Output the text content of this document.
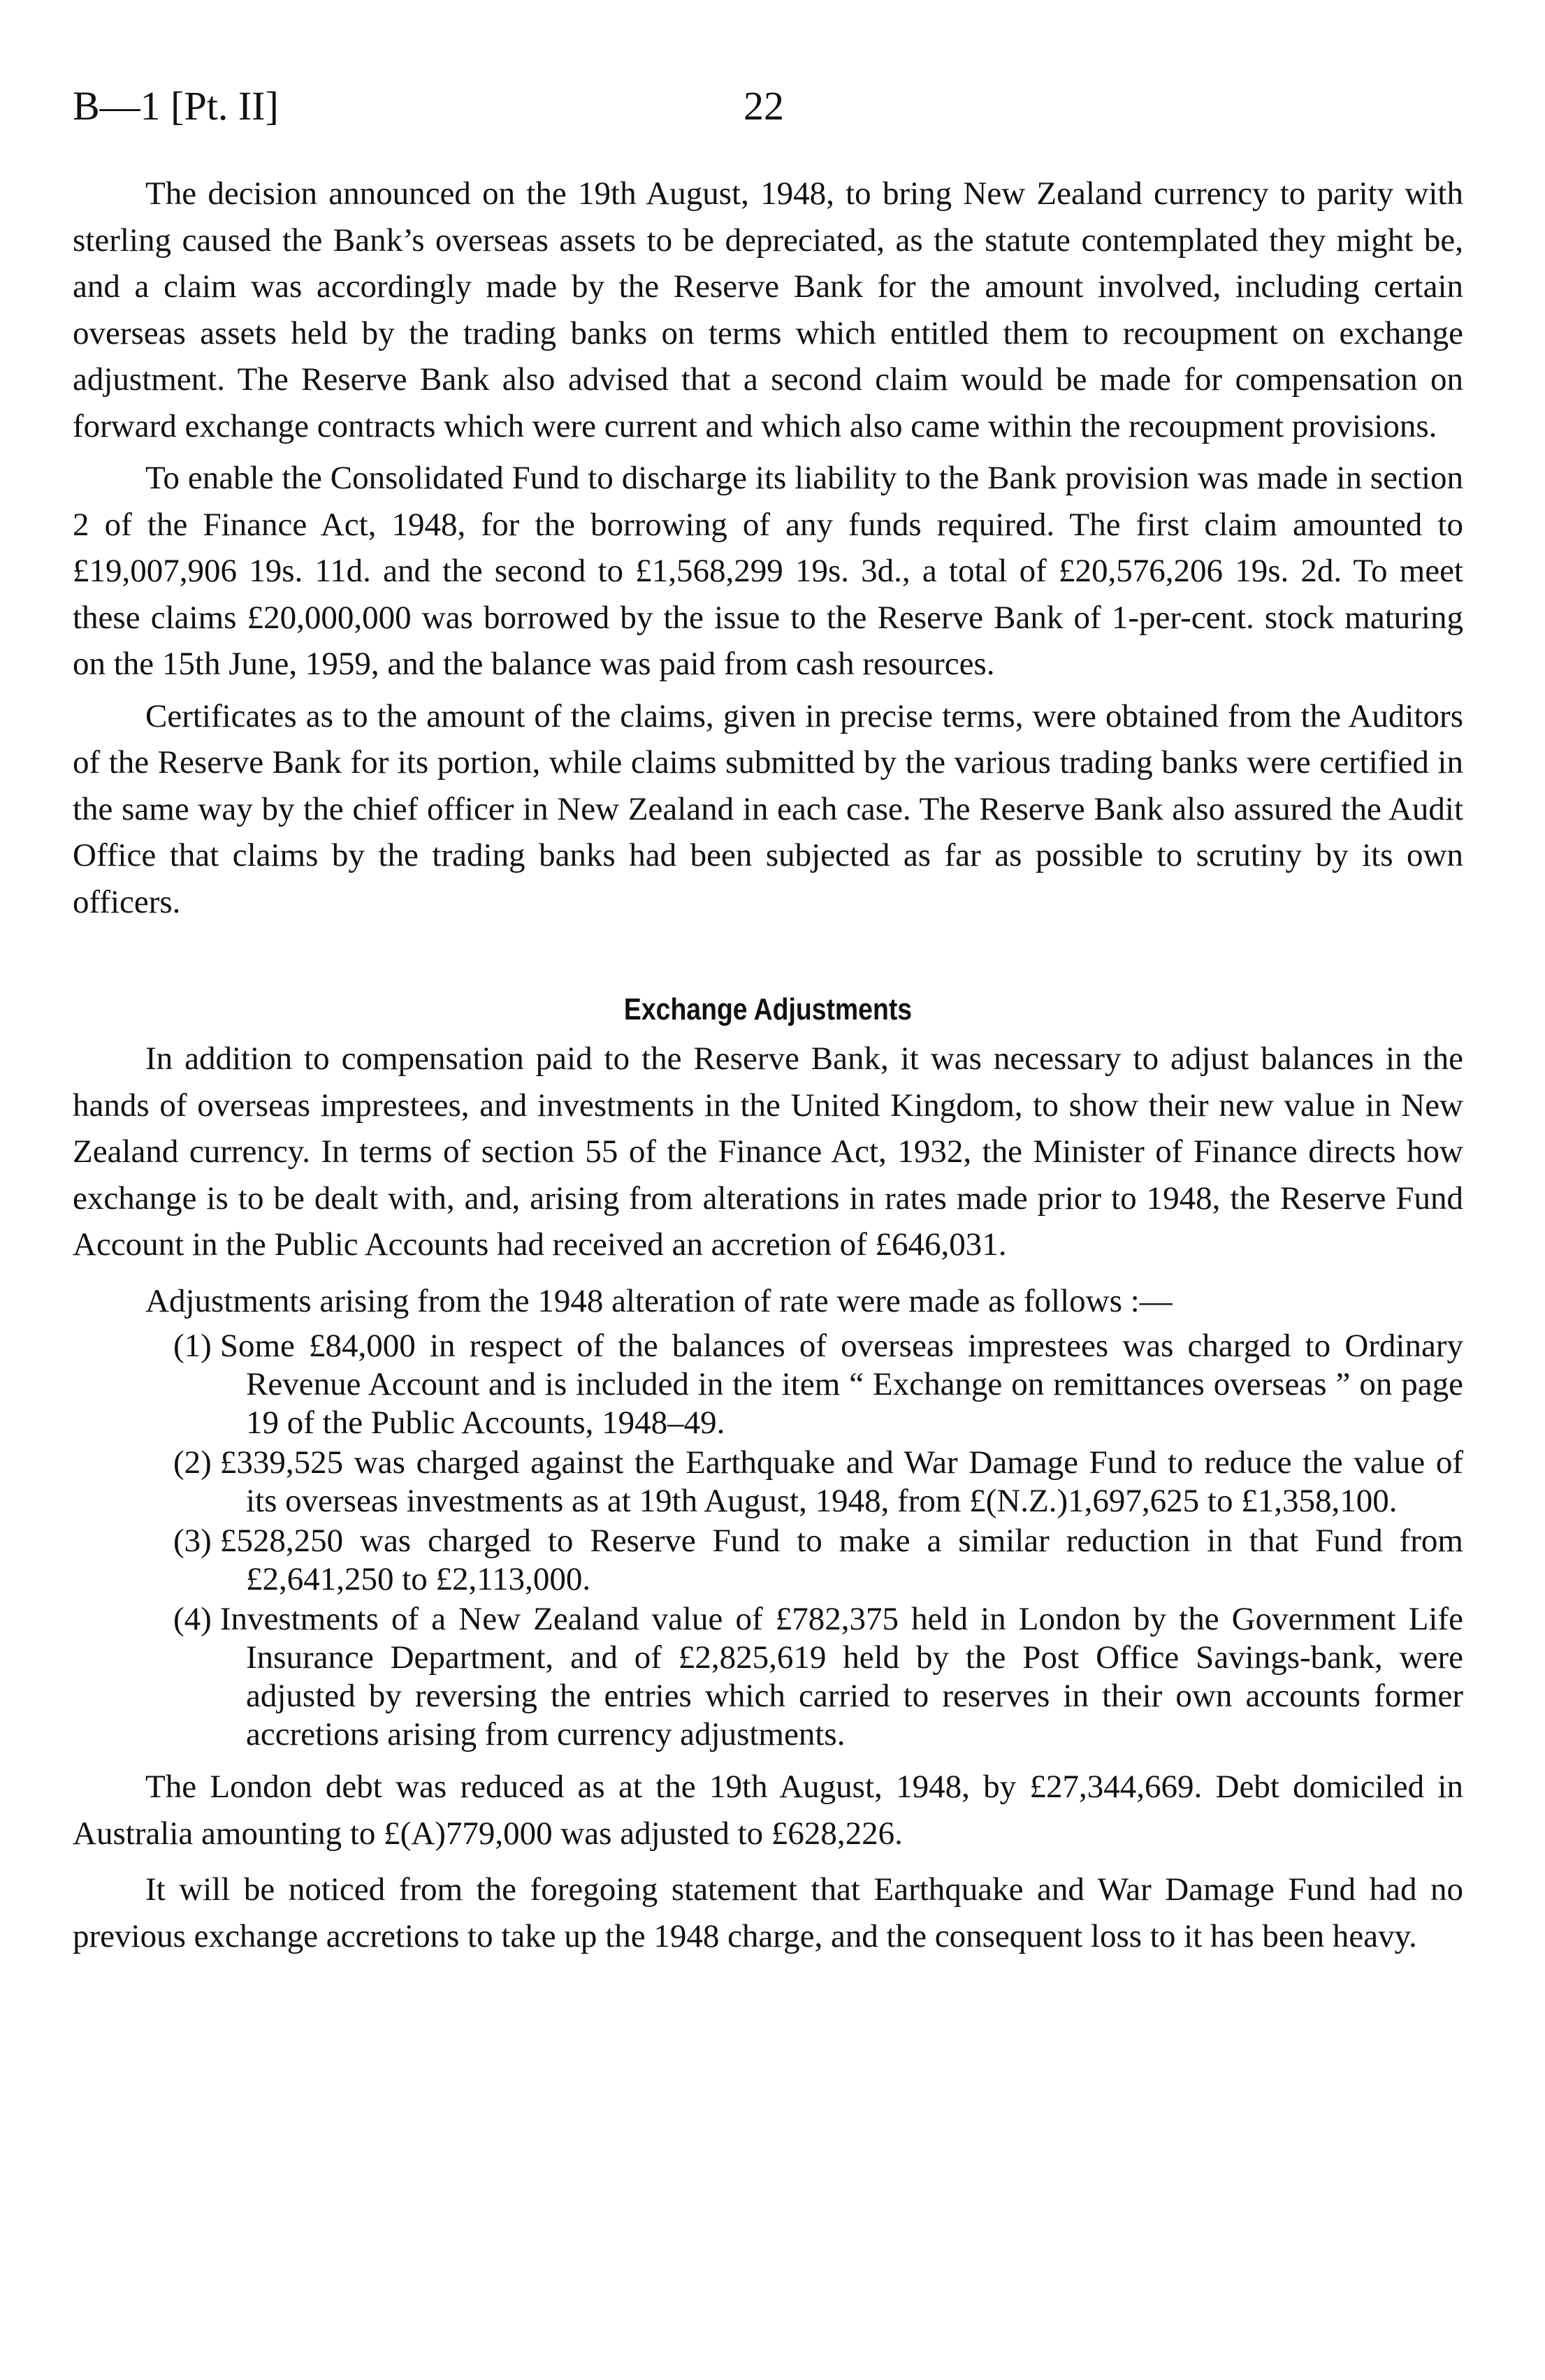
B—1 [Pt. II]	22

The decision announced on the 19th August, 1948, to bring New Zealand currency to parity with sterling caused the Bank’s overseas assets to be depreciated, as the statute contemplated they might be, and a claim was accordingly made by the Reserve Bank for the amount involved, including certain overseas assets held by the trading banks on terms which entitled them to recoupment on exchange adjustment. The Reserve Bank also advised that a second claim would be made for compensation on forward exchange contracts which were current and which also came within the recoupment provisions.

To enable the Consolidated Fund to discharge its liability to the Bank provision was made in section 2 of the Finance Act, 1948, for the borrowing of any funds required. The first claim amounted to £19,007,906 19s. 11d. and the second to £1,568,299 19s. 3d., a total of £20,576,206 19s. 2d. To meet these claims £20,000,000 was borrowed by the issue to the Reserve Bank of 1-per-cent. stock maturing on the 15th June, 1959, and the balance was paid from cash resources.

Certificates as to the amount of the claims, given in precise terms, were obtained from the Auditors of the Reserve Bank for its portion, while claims submitted by the various trading banks were certified in the same way by the chief officer in New Zealand in each case. The Reserve Bank also assured the Audit Office that claims by the trading banks had been subjected as far as possible to scrutiny by its own officers.

Exchange Adjustments

In addition to compensation paid to the Reserve Bank, it was necessary to adjust balances in the hands of overseas imprestees, and investments in the United Kingdom, to show their new value in New Zealand currency. In terms of section 55 of the Finance Act, 1932, the Minister of Finance directs how exchange is to be dealt with, and, arising from alterations in rates made prior to 1948, the Reserve Fund Account in the Public Accounts had received an accretion of £646,031.

Adjustments arising from the 1948 alteration of rate were made as follows :—

(1) Some £84,000 in respect of the balances of overseas imprestees was charged to Ordinary Revenue Account and is included in the item “ Exchange on remittances overseas ” on page 19 of the Public Accounts, 1948–49.
(2) £339,525 was charged against the Earthquake and War Damage Fund to reduce the value of its overseas investments as at 19th August, 1948, from £(N.Z.)1,697,625 to £1,358,100.
(3) £528,250 was charged to Reserve Fund to make a similar reduction in that Fund from £2,641,250 to £2,113,000.
(4) Investments of a New Zealand value of £782,375 held in London by the Government Life Insurance Department, and of £2,825,619 held by the Post Office Savings-bank, were adjusted by reversing the entries which carried to reserves in their own accounts former accretions arising from currency adjustments.

The London debt was reduced as at the 19th August, 1948, by £27,344,669. Debt domiciled in Australia amounting to £(A)779,000 was adjusted to £628,226.

It will be noticed from the foregoing statement that Earthquake and War Damage Fund had no previous exchange accretions to take up the 1948 charge, and the consequent loss to it has been heavy.
